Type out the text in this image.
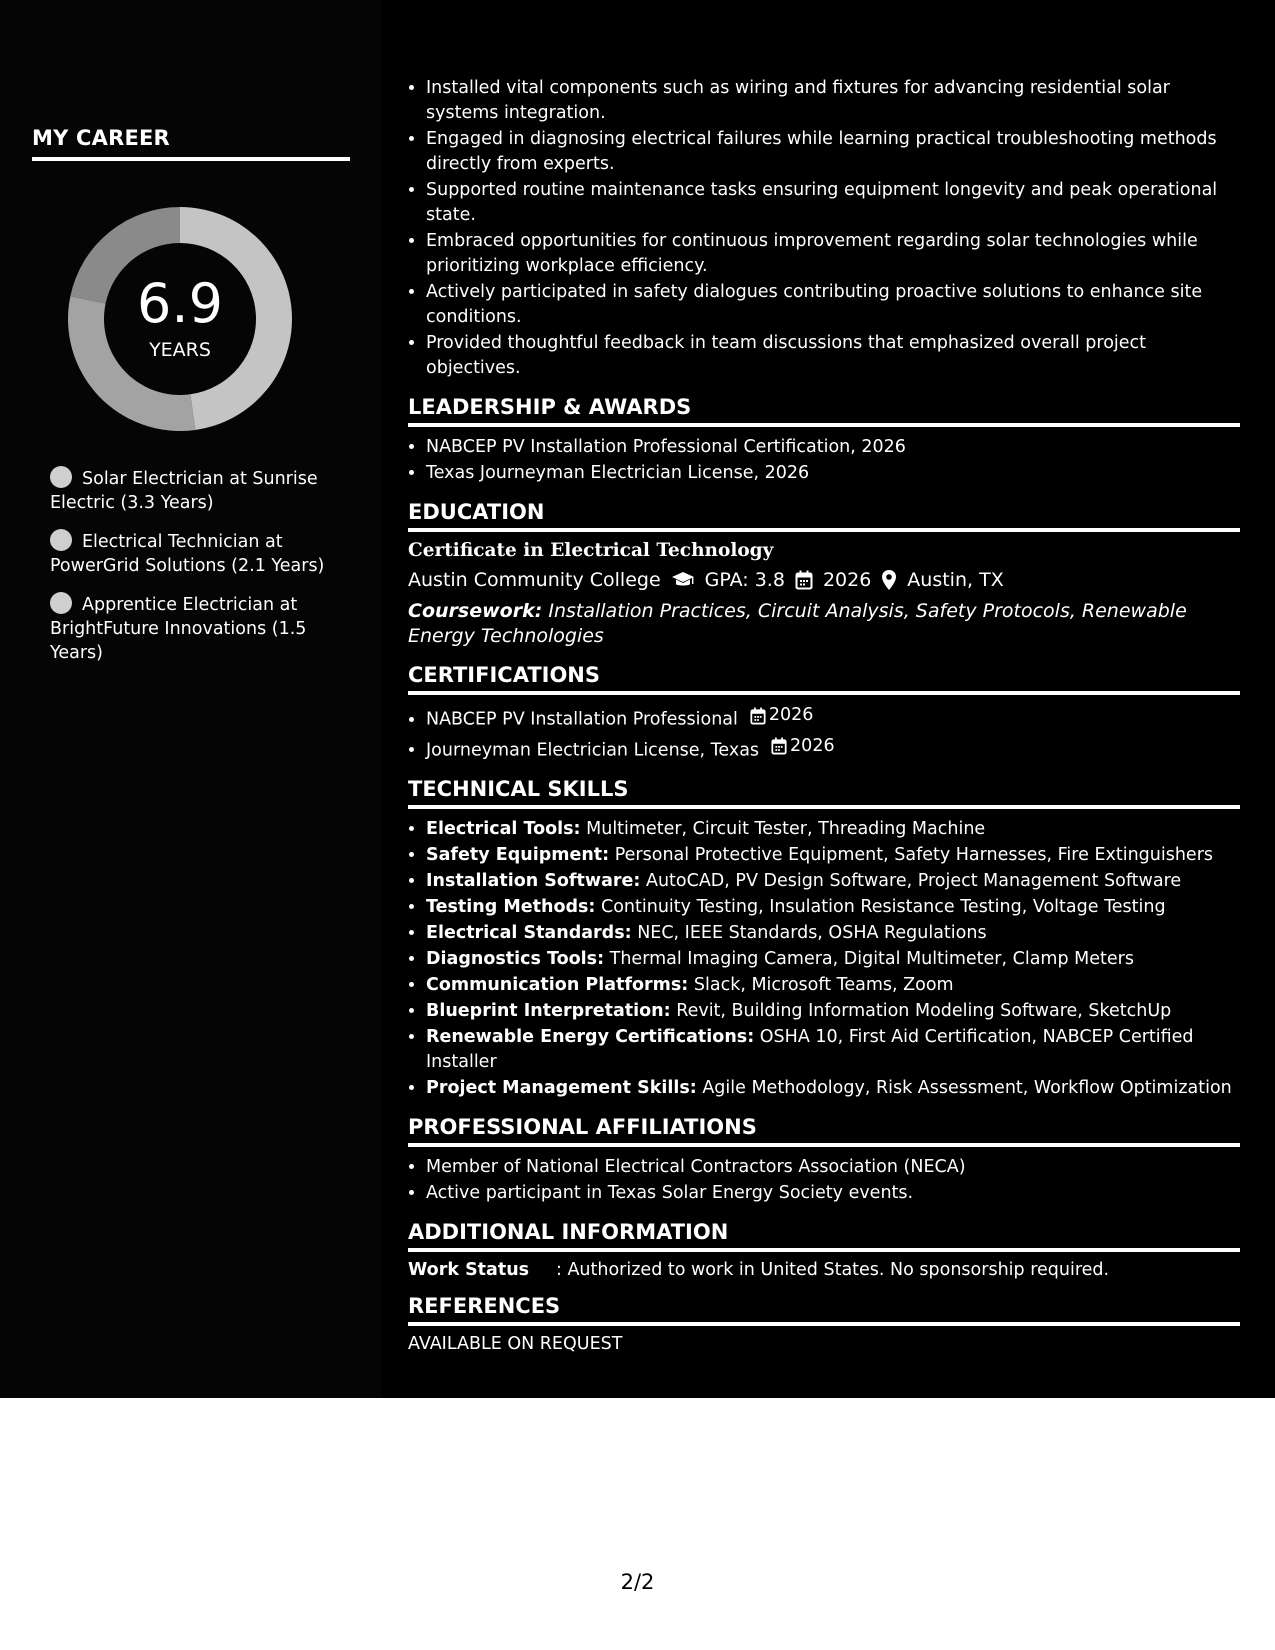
MY CAREER
6.9
YEARS
Solar Electrician at Sunrise Electric (3.3 Years)
Electrical Technician at PowerGrid Solutions (2.1 Years)
Apprentice Electrician at BrightFuture Innovations (1.5 Years)
• Installed vital components such as wiring and fixtures for advancing residential solar systems integration.
• Engaged in diagnosing electrical failures while learning practical troubleshooting methods directly from experts.
• Supported routine maintenance tasks ensuring equipment longevity and peak operational state.
• Embraced opportunities for continuous improvement regarding solar technologies while prioritizing workplace efficiency.
• Actively participated in safety dialogues contributing proactive solutions to enhance site conditions.
• Provided thoughtful feedback in team discussions that emphasized overall project objectives.
LEADERSHIP & AWARDS
• NABCEP PV Installation Professional Certification, 2026
• Texas Journeyman Electrician License, 2026
EDUCATION
Certificate in Electrical Technology
Austin Community College GPA: 3.8 2026 Austin, TX
Coursework: Installation Practices, Circuit Analysis, Safety Protocols, Renewable Energy Technologies
CERTIFICATIONS
• NABCEP PV Installation Professional 2026
• Journeyman Electrician License, Texas 2026
TECHNICAL SKILLS
• Electrical Tools: Multimeter, Circuit Tester, Threading Machine
• Safety Equipment: Personal Protective Equipment, Safety Harnesses, Fire Extinguishers
• Installation Software: AutoCAD, PV Design Software, Project Management Software
• Testing Methods: Continuity Testing, Insulation Resistance Testing, Voltage Testing
• Electrical Standards: NEC, IEEE Standards, OSHA Regulations
• Diagnostics Tools: Thermal Imaging Camera, Digital Multimeter, Clamp Meters
• Communication Platforms: Slack, Microsoft Teams, Zoom
• Blueprint Interpretation: Revit, Building Information Modeling Software, SketchUp
• Renewable Energy Certifications: OSHA 10, First Aid Certification, NABCEP Certified Installer
• Project Management Skills: Agile Methodology, Risk Assessment, Workflow Optimization
PROFESSIONAL AFFILIATIONS
• Member of National Electrical Contractors Association (NECA)
• Active participant in Texas Solar Energy Society events.
ADDITIONAL INFORMATION
Work Status	: Authorized to work in United States. No sponsorship required.
REFERENCES
AVAILABLE ON REQUEST
2/2
